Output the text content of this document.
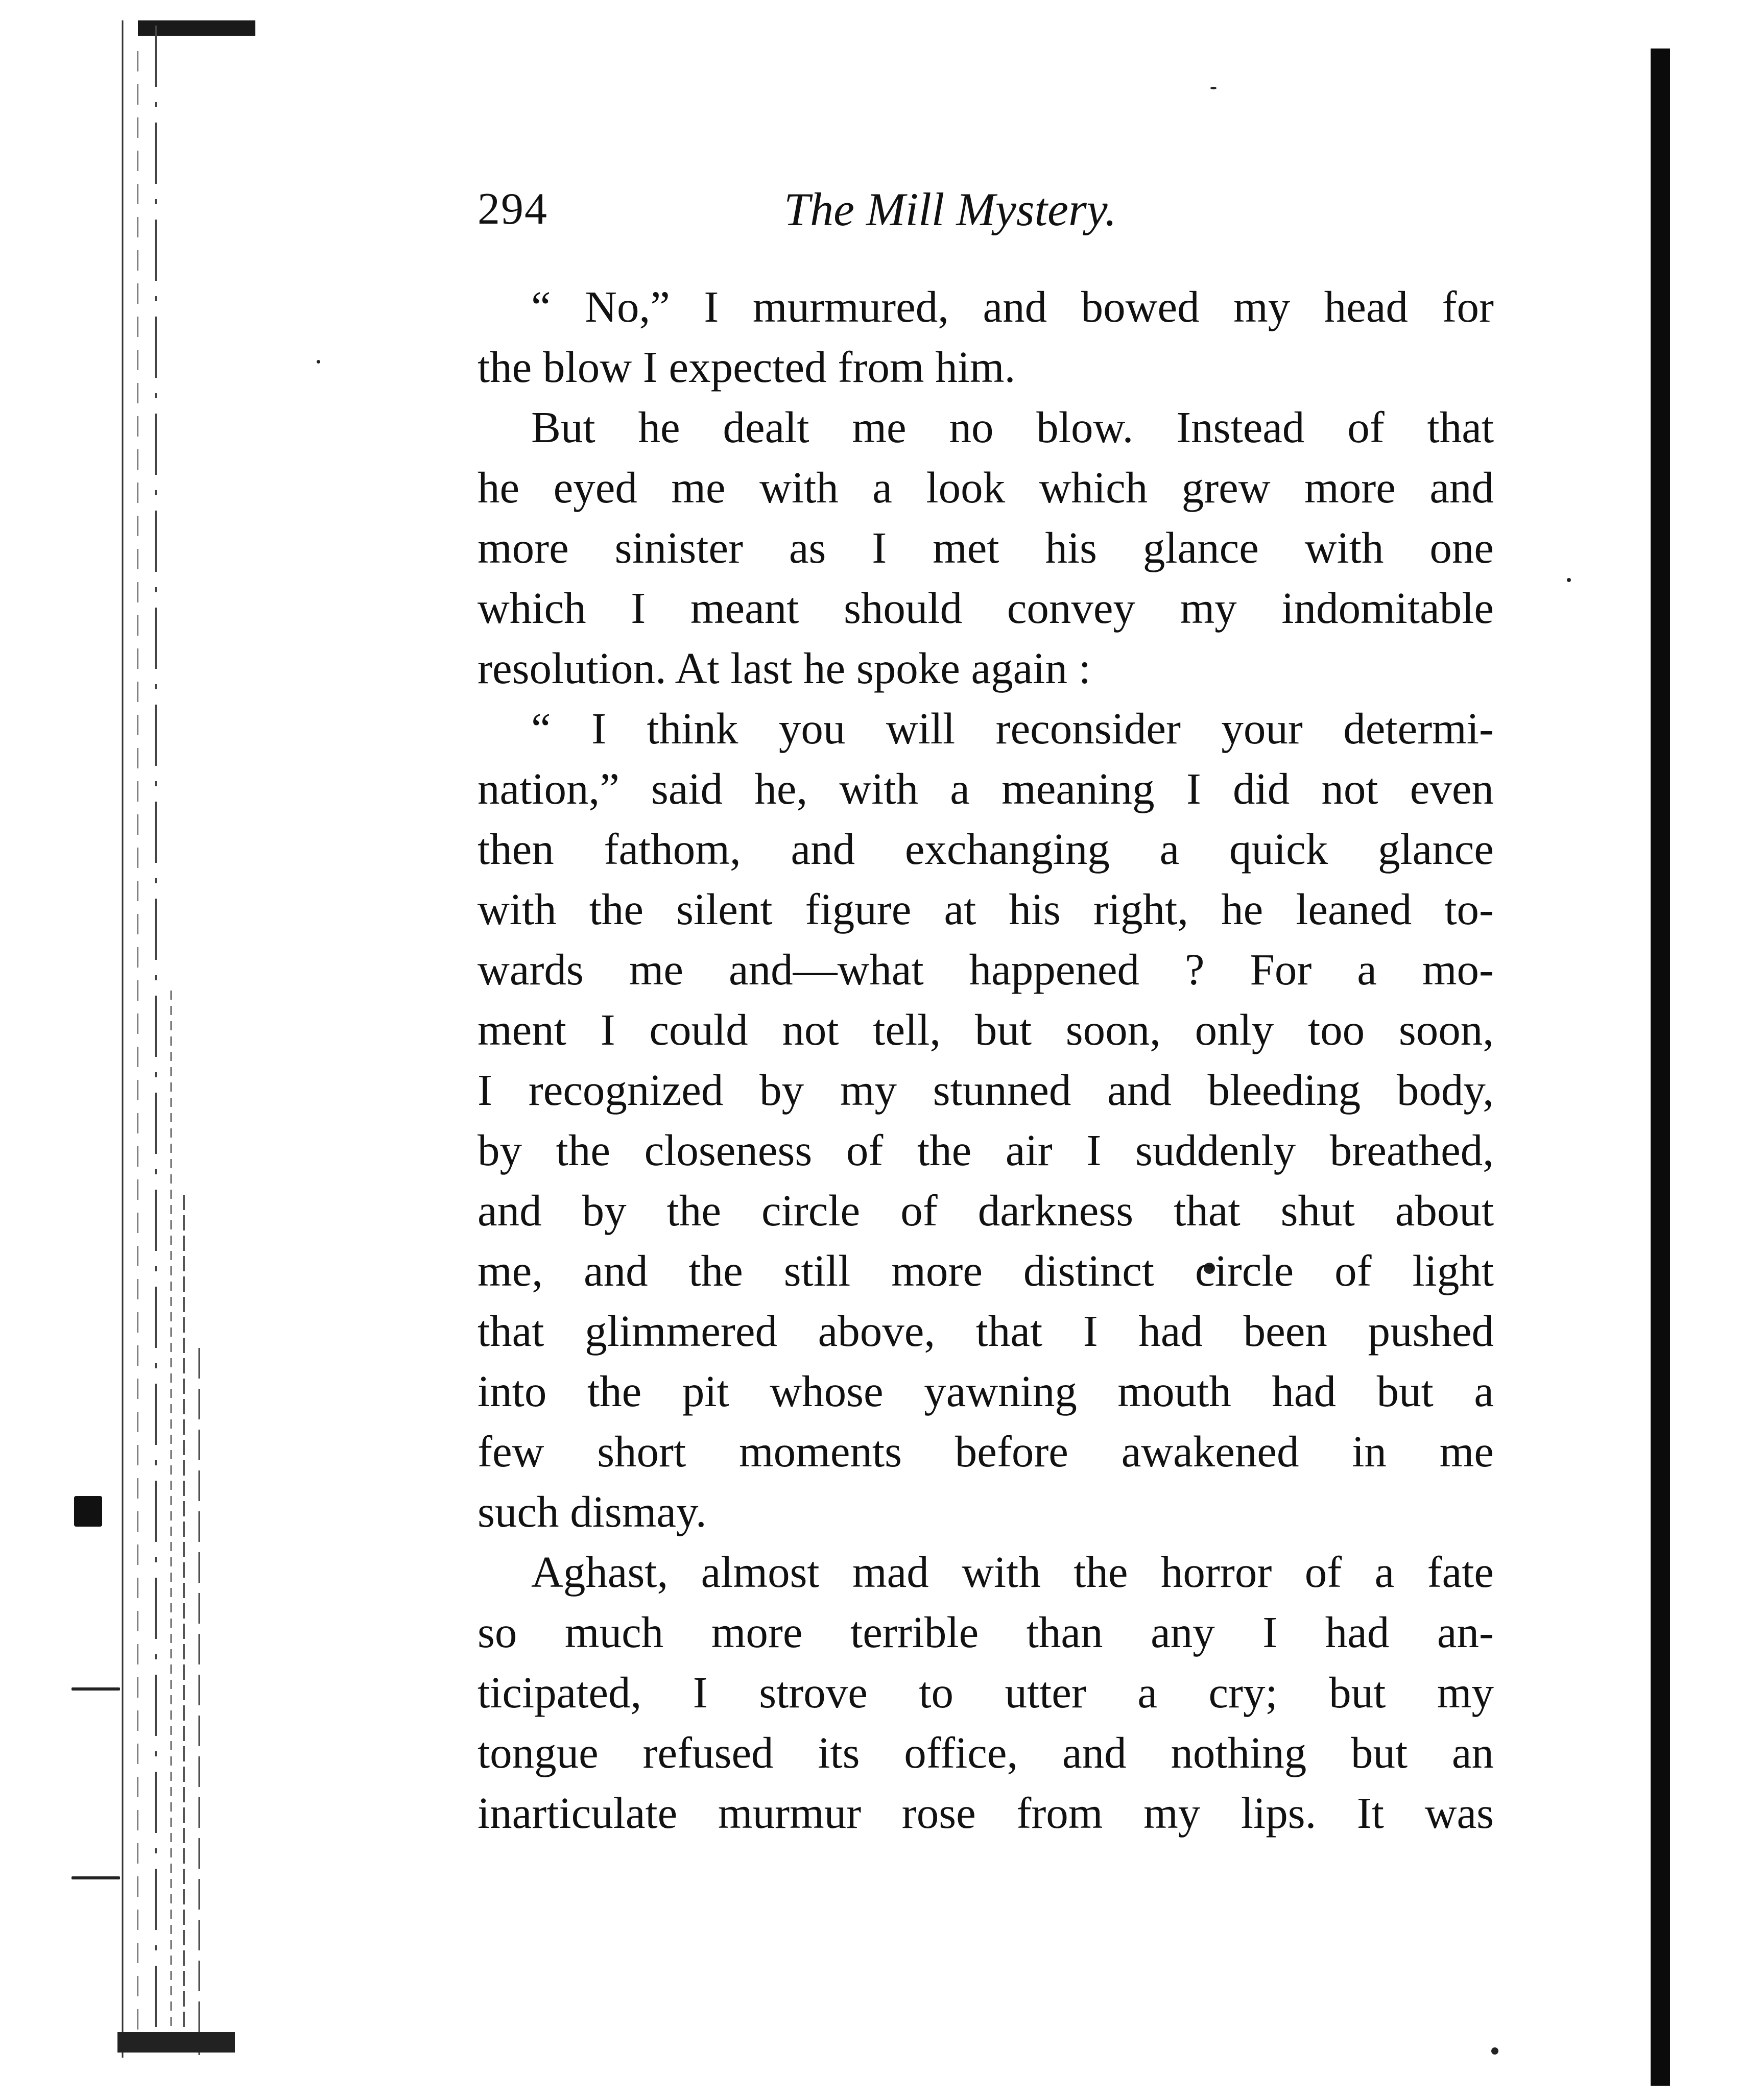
294	The Mill Mystery.
“ No,” I murmured, and bowed my head for
the blow I expected from him.
But he dealt me no blow. Instead of that
he eyed me with a look which grew more and
more sinister as I met his glance with one
which I meant should convey my indomitable
resolution. At last he spoke again :
“ I think you will reconsider your determi-
nation,” said he, with a meaning I did not even
then fathom, and exchanging a quick glance
with the silent figure at his right, he leaned to-
wards me and—what happened ? For a mo-
ment I could not tell, but soon, only too soon,
I recognized by my stunned and bleeding body,
by the closeness of the air I suddenly breathed,
and by the circle of darkness that shut about
me, and the still more distinct circle of light
that glimmered above, that I had been pushed
into the pit whose yawning mouth had but a
few short moments before awakened in me
such dismay.
Aghast, almost mad with the horror of a fate
so much more terrible than any I had an-
ticipated, I strove to utter a cry; but my
tongue refused its office, and nothing but an
inarticulate murmur rose from my lips. It was
